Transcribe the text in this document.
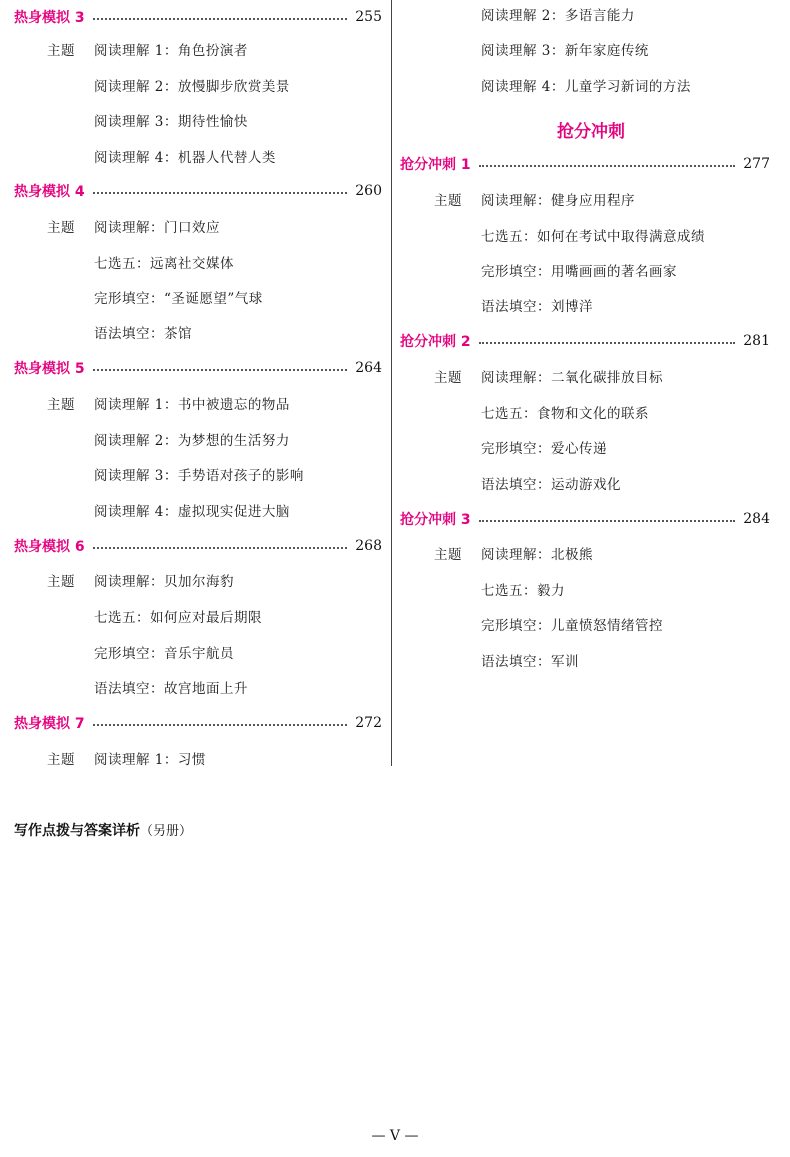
热身模拟 3	255
主题	阅读理解 1：角色扮演者
阅读理解 2：放慢脚步欣赏美景
阅读理解 3：期待性愉快
阅读理解 4：机器人代替人类
热身模拟 4	260
主题	阅读理解：门口效应
七选五：远离社交媒体
完形填空：“圣诞愿望”气球
语法填空：茶馆
热身模拟 5	264
主题	阅读理解 1：书中被遗忘的物品
阅读理解 2：为梦想的生活努力
阅读理解 3：手势语对孩子的影响
阅读理解 4：虚拟现实促进大脑
热身模拟 6	268
主题	阅读理解：贝加尔海豹
七选五：如何应对最后期限
完形填空：音乐宇航员
语法填空：故宫地面上升
热身模拟 7	272
主题	阅读理解 1：习惯
阅读理解 2：多语言能力
阅读理解 3：新年家庭传统
阅读理解 4：儿童学习新词的方法
抢分冲刺
抢分冲刺 1	277
主题	阅读理解：健身应用程序
七选五：如何在考试中取得满意成绩
完形填空：用嘴画画的著名画家
语法填空：刘博洋
抢分冲刺 2	281
主题	阅读理解：二氧化碳排放目标
七选五：食物和文化的联系
完形填空：爱心传递
语法填空：运动游戏化
抢分冲刺 3	284
主题	阅读理解：北极熊
七选五：毅力
完形填空：儿童愤怒情绪管控
语法填空：军训
写作点拨与答案详析（另册）
— V —
